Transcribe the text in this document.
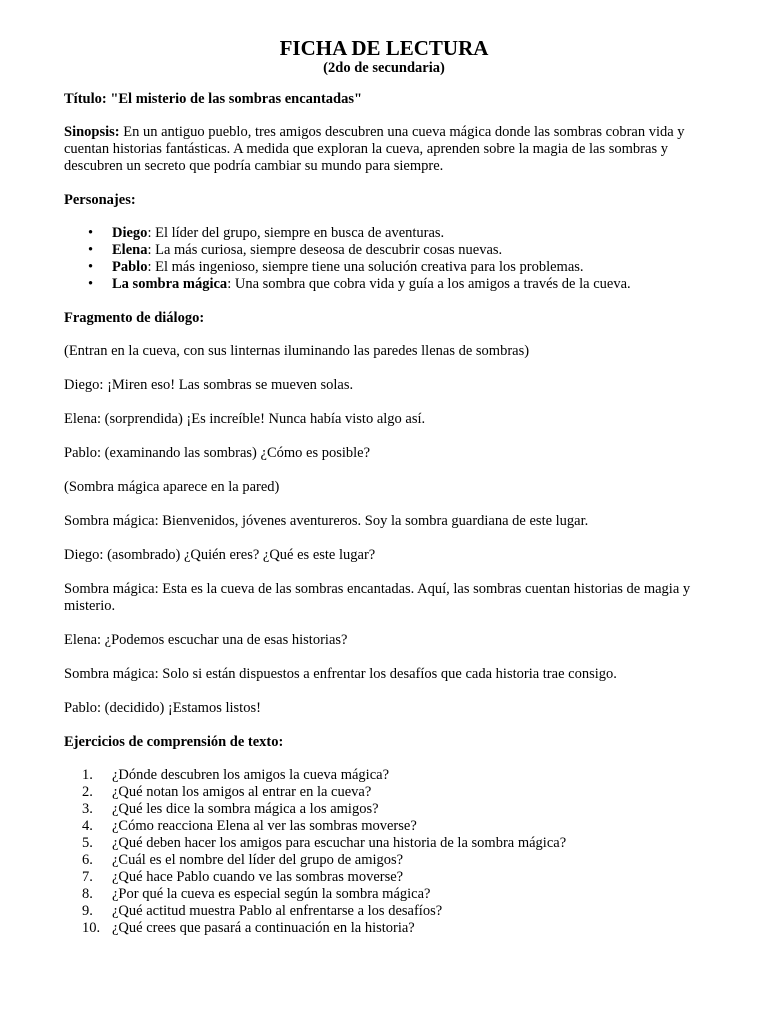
FICHA DE LECTURA
(2do de secundaria)
Título: "El misterio de las sombras encantadas"

Sinopsis: En un antiguo pueblo, tres amigos descubren una cueva mágica donde las sombras cobran vida y cuentan historias fantásticas. A medida que exploran la cueva, aprenden sobre la magia de las sombras y descubren un secreto que podría cambiar su mundo para siempre.

Personajes:
• Diego: El líder del grupo, siempre en busca de aventuras.
• Elena: La más curiosa, siempre deseosa de descubrir cosas nuevas.
• Pablo: El más ingenioso, siempre tiene una solución creativa para los problemas.
• La sombra mágica: Una sombra que cobra vida y guía a los amigos a través de la cueva.
Fragmento de diálogo:
(Entran en la cueva, con sus linternas iluminando las paredes llenas de sombras)
Diego: ¡Miren eso! Las sombras se mueven solas.
Elena: (sorprendida) ¡Es increíble! Nunca había visto algo así.
Pablo: (examinando las sombras) ¿Cómo es posible?
(Sombra mágica aparece en la pared)
Sombra mágica: Bienvenidos, jóvenes aventureros. Soy la sombra guardiana de este lugar.
Diego: (asombrado) ¿Quién eres? ¿Qué es este lugar?
Sombra mágica: Esta es la cueva de las sombras encantadas. Aquí, las sombras cuentan historias de magia y misterio.
Elena: ¿Podemos escuchar una de esas historias?
Sombra mágica: Solo si están dispuestos a enfrentar los desafíos que cada historia trae consigo.
Pablo: (decidido) ¡Estamos listos!
Ejercicios de comprensión de texto:
1.	¿Dónde descubren los amigos la cueva mágica?
2.	¿Qué notan los amigos al entrar en la cueva?
3.	¿Qué les dice la sombra mágica a los amigos?
4.	¿Cómo reacciona Elena al ver las sombras moverse?
5.	¿Qué deben hacer los amigos para escuchar una historia de la sombra mágica?
6.	¿Cuál es el nombre del líder del grupo de amigos?
7.	¿Qué hace Pablo cuando ve las sombras moverse?
8.	¿Por qué la cueva es especial según la sombra mágica?
9.	¿Qué actitud muestra Pablo al enfrentarse a los desafíos?
10. ¿Qué crees que pasará a continuación en la historia?
